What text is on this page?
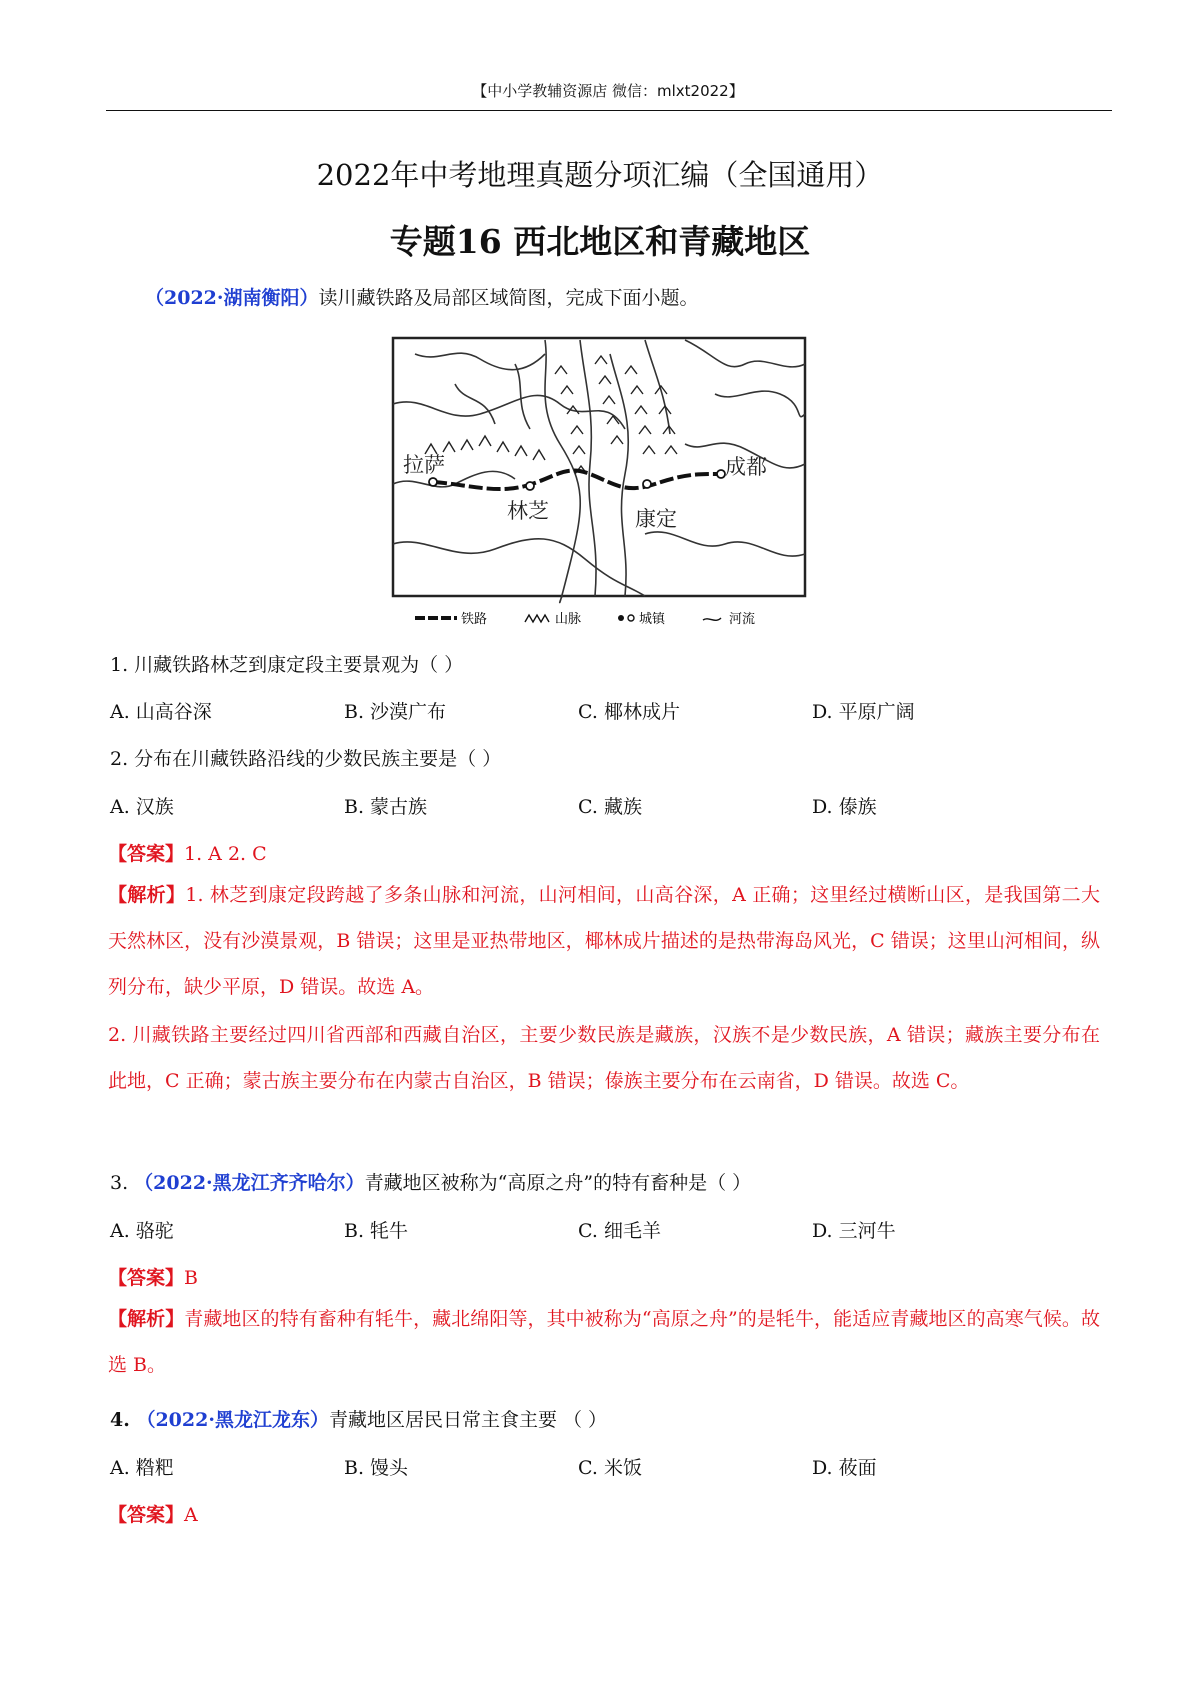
【中小学教辅资源店 微信：mlxt2022】
2022年中考地理真题分项汇编（全国通用）
专题16 西北地区和青藏地区
（2022·湖南衡阳）读川藏铁路及局部区域简图，完成下面小题。
拉萨
林芝	康定
成都
铁路	山脉	城镇	河流
1. 川藏铁路林芝到康定段主要景观为（ ）
A. 山高谷深	B. 沙漠广布	C. 椰林成片	D. 平原广阔
2. 分布在川藏铁路沿线的少数民族主要是（ ）
A. 汉族	B. 蒙古族	C. 藏族	D. 傣族
【答案】1. A 2. C
【解析】1. 林芝到康定段跨越了多条山脉和河流，山河相间，山高谷深，A 正确；这里经过横断山区，是我国第二大天然林区，没有沙漠景观，B 错误；这里是亚热带地区，椰林成片描述的是热带海岛风光，C 错误；这里山河相间，纵列分布，缺少平原，D 错误。故选 A。
2. 川藏铁路主要经过四川省西部和西藏自治区，主要少数民族是藏族，汉族不是少数民族，A 错误；藏族主要分布在此地，C 正确；蒙古族主要分布在内蒙古自治区，B 错误；傣族主要分布在云南省，D 错误。故选 C。
3. （2022·黑龙江齐齐哈尔）青藏地区被称为“高原之舟”的特有畜种是（ ）
A. 骆驼	B. 牦牛	C. 细毛羊	D. 三河牛
【答案】B
【解析】青藏地区的特有畜种有牦牛，藏北绵阳等，其中被称为“高原之舟”的是牦牛，能适应青藏地区的高寒气候。故选 B。
4. （2022·黑龙江龙东）青藏地区居民日常主食主要 （ ）
A. 糌粑	B. 馒头	C. 米饭	D. 莜面
【答案】A
